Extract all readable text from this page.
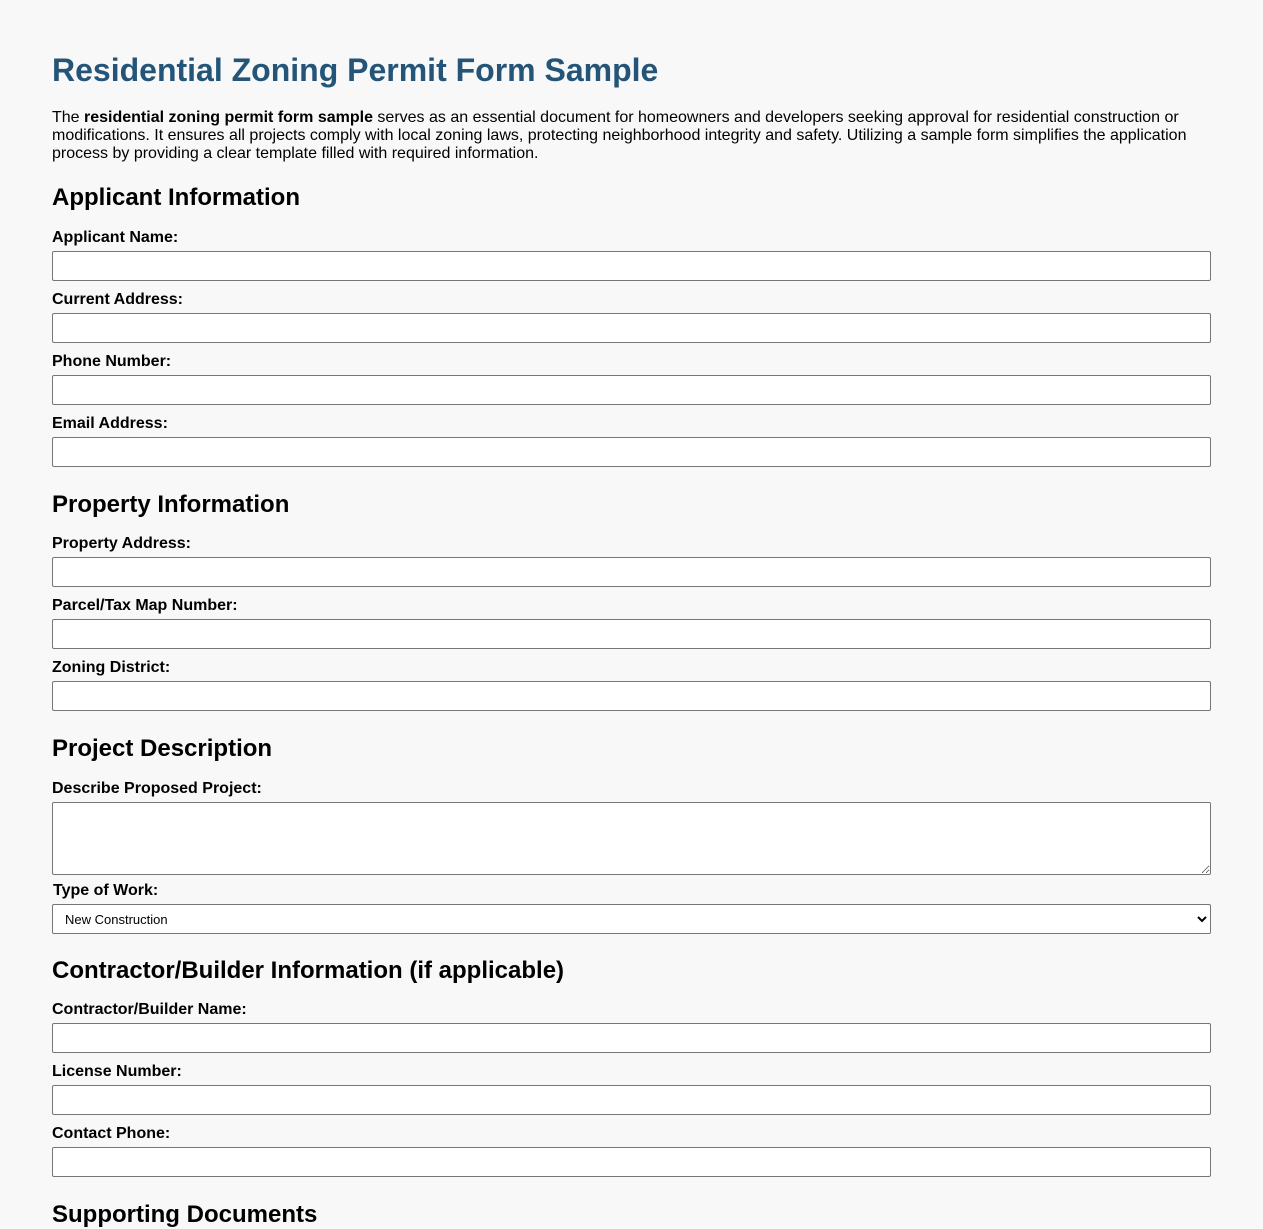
Residential Zoning Permit Form Sample

The residential zoning permit form sample serves as an essential document for homeowners and developers seeking approval for residential construction or modifications. It ensures all projects comply with local zoning laws, protecting neighborhood integrity and safety. Utilizing a sample form simplifies the application process by providing a clear template filled with required information.

Applicant Information
Applicant Name:
Current Address:
Phone Number:
Email Address:
Property Information
Property Address:
Parcel/Tax Map Number:
Zoning District:
Project Description
Describe Proposed Project:
Type of Work:
New Construction
Contractor/Builder Information (if applicable)
Contractor/Builder Name:
License Number:
Contact Phone:
Supporting Documents
